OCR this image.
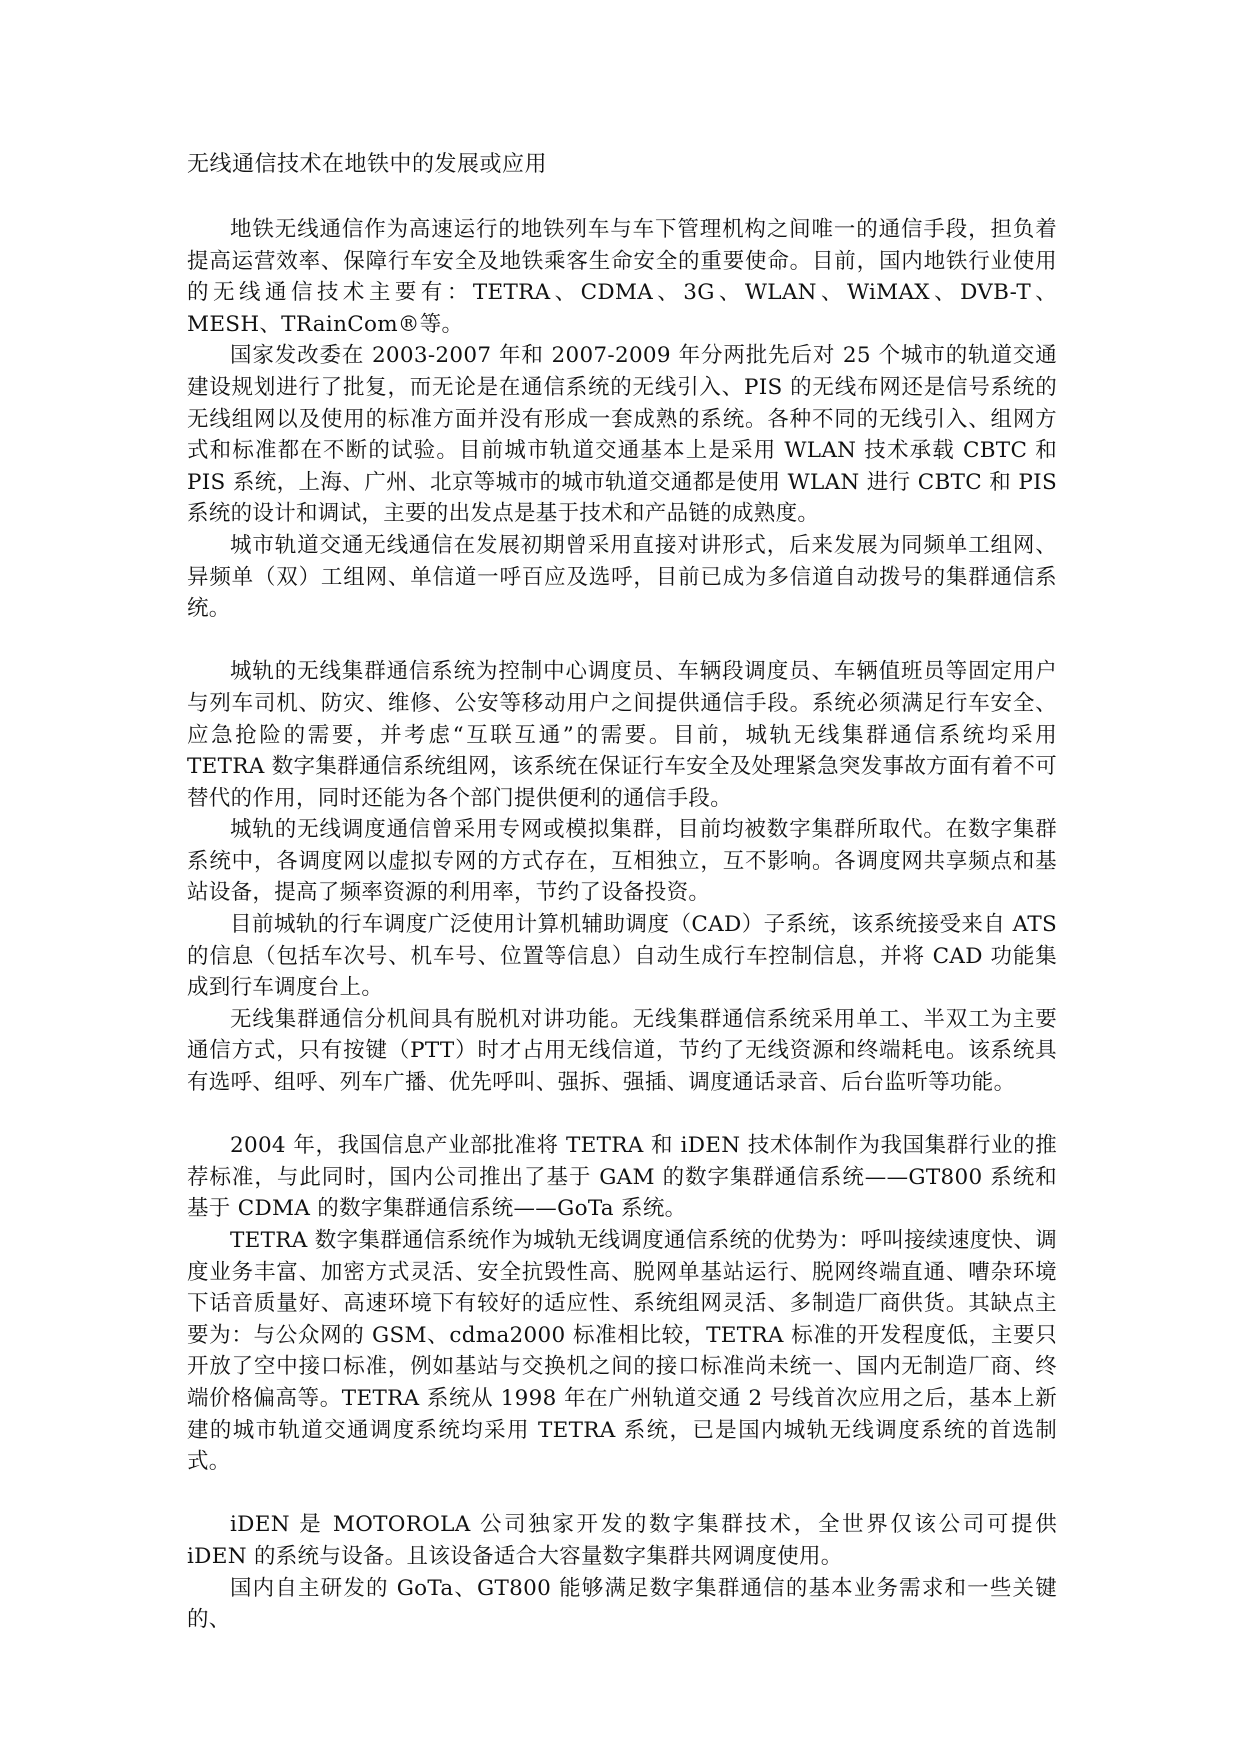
无线通信技术在地铁中的发展或应用

地铁无线通信作为高速运行的地铁列车与车下管理机构之间唯一的通信手段，担负着提高运营效率、保障行车安全及地铁乘客生命安全的重要使命。目前，国内地铁行业使用的无线通信技术主要有：TETRA、CDMA、3G、WLAN、WiMAX、DVB-T、MESH、TRainCom®等。

国家发改委在 2003-2007 年和 2007-2009 年分两批先后对 25 个城市的轨道交通建设规划进行了批复，而无论是在通信系统的无线引入、PIS 的无线布网还是信号系统的无线组网以及使用的标准方面并没有形成一套成熟的系统。各种不同的无线引入、组网方式和标准都在不断的试验。目前城市轨道交通基本上是采用 WLAN 技术承载 CBTC 和 PIS 系统，上海、广州、北京等城市的城市轨道交通都是使用 WLAN 进行 CBTC 和 PIS 系统的设计和调试，主要的出发点是基于技术和产品链的成熟度。

城市轨道交通无线通信在发展初期曾采用直接对讲形式，后来发展为同频单工组网、异频单（双）工组网、单信道一呼百应及选呼，目前已成为多信道自动拨号的集群通信系统。

城轨的无线集群通信系统为控制中心调度员、车辆段调度员、车辆值班员等固定用户与列车司机、防灾、维修、公安等移动用户之间提供通信手段。系统必须满足行车安全、应急抢险的需要，并考虑“互联互通”的需要。目前，城轨无线集群通信系统均采用 TETRA 数字集群通信系统组网，该系统在保证行车安全及处理紧急突发事故方面有着不可替代的作用，同时还能为各个部门提供便利的通信手段。

城轨的无线调度通信曾采用专网或模拟集群，目前均被数字集群所取代。在数字集群系统中，各调度网以虚拟专网的方式存在，互相独立，互不影响。各调度网共享频点和基站设备，提高了频率资源的利用率，节约了设备投资。

目前城轨的行车调度广泛使用计算机辅助调度（CAD）子系统，该系统接受来自 ATS 的信息（包括车次号、机车号、位置等信息）自动生成行车控制信息，并将 CAD 功能集成到行车调度台上。

无线集群通信分机间具有脱机对讲功能。无线集群通信系统采用单工、半双工为主要通信方式，只有按键（PTT）时才占用无线信道，节约了无线资源和终端耗电。该系统具有选呼、组呼、列车广播、优先呼叫、强拆、强插、调度通话录音、后台监听等功能。

2004 年，我国信息产业部批准将 TETRA 和 iDEN 技术体制作为我国集群行业的推荐标准，与此同时，国内公司推出了基于 GAM 的数字集群通信系统——GT800 系统和基于 CDMA 的数字集群通信系统——GoTa 系统。

TETRA 数字集群通信系统作为城轨无线调度通信系统的优势为：呼叫接续速度快、调度业务丰富、加密方式灵活、安全抗毁性高、脱网单基站运行、脱网终端直通、嘈杂环境下话音质量好、高速环境下有较好的适应性、系统组网灵活、多制造厂商供货。其缺点主要为：与公众网的 GSM、cdma2000 标准相比较，TETRA 标准的开发程度低，主要只开放了空中接口标准，例如基站与交换机之间的接口标准尚未统一、国内无制造厂商、终端价格偏高等。TETRA 系统从 1998 年在广州轨道交通 2 号线首次应用之后，基本上新建的城市轨道交通调度系统均采用 TETRA 系统，已是国内城轨无线调度系统的首选制式。

iDEN 是 MOTOROLA 公司独家开发的数字集群技术，全世界仅该公司可提供 iDEN 的系统与设备。且该设备适合大容量数字集群共网调度使用。

国内自主研发的 GoTa、GT800 能够满足数字集群通信的基本业务需求和一些关键的、
